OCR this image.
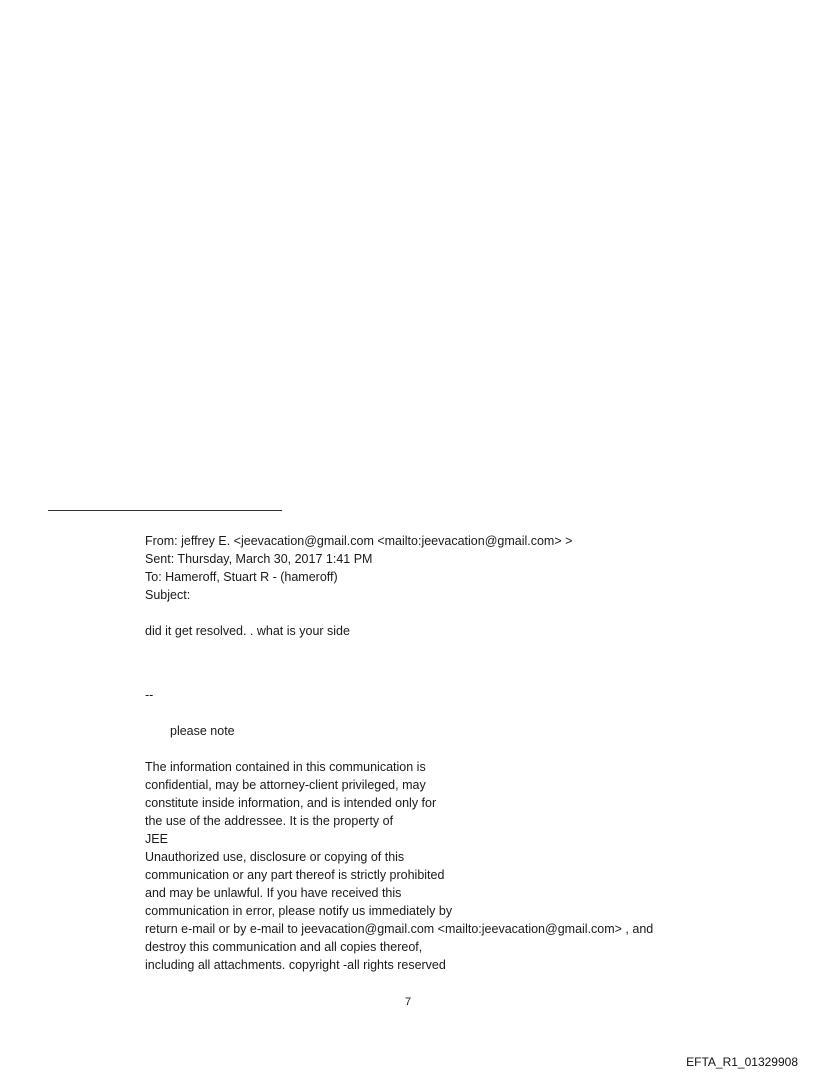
From: jeffrey E. <jeevacation@gmail.com <mailto:jeevacation@gmail.com> >
Sent: Thursday, March 30, 2017 1:41 PM
To: Hameroff, Stuart R - (hameroff)
Subject:
did it get resolved. . what is your side
--
please note
The information contained in this communication is
confidential, may be attorney-client privileged, may
constitute inside information, and is intended only for
the use of the addressee. It is the property of
JEE
Unauthorized use, disclosure or copying of this
communication or any part thereof is strictly prohibited
and may be unlawful. If you have received this
communication in error, please notify us immediately by
return e-mail or by e-mail to jeevacation@gmail.com <mailto:jeevacation@gmail.com> , and
destroy this communication and all copies thereof,
including all attachments. copyright -all rights reserved
7
EFTA_R1_01329908
